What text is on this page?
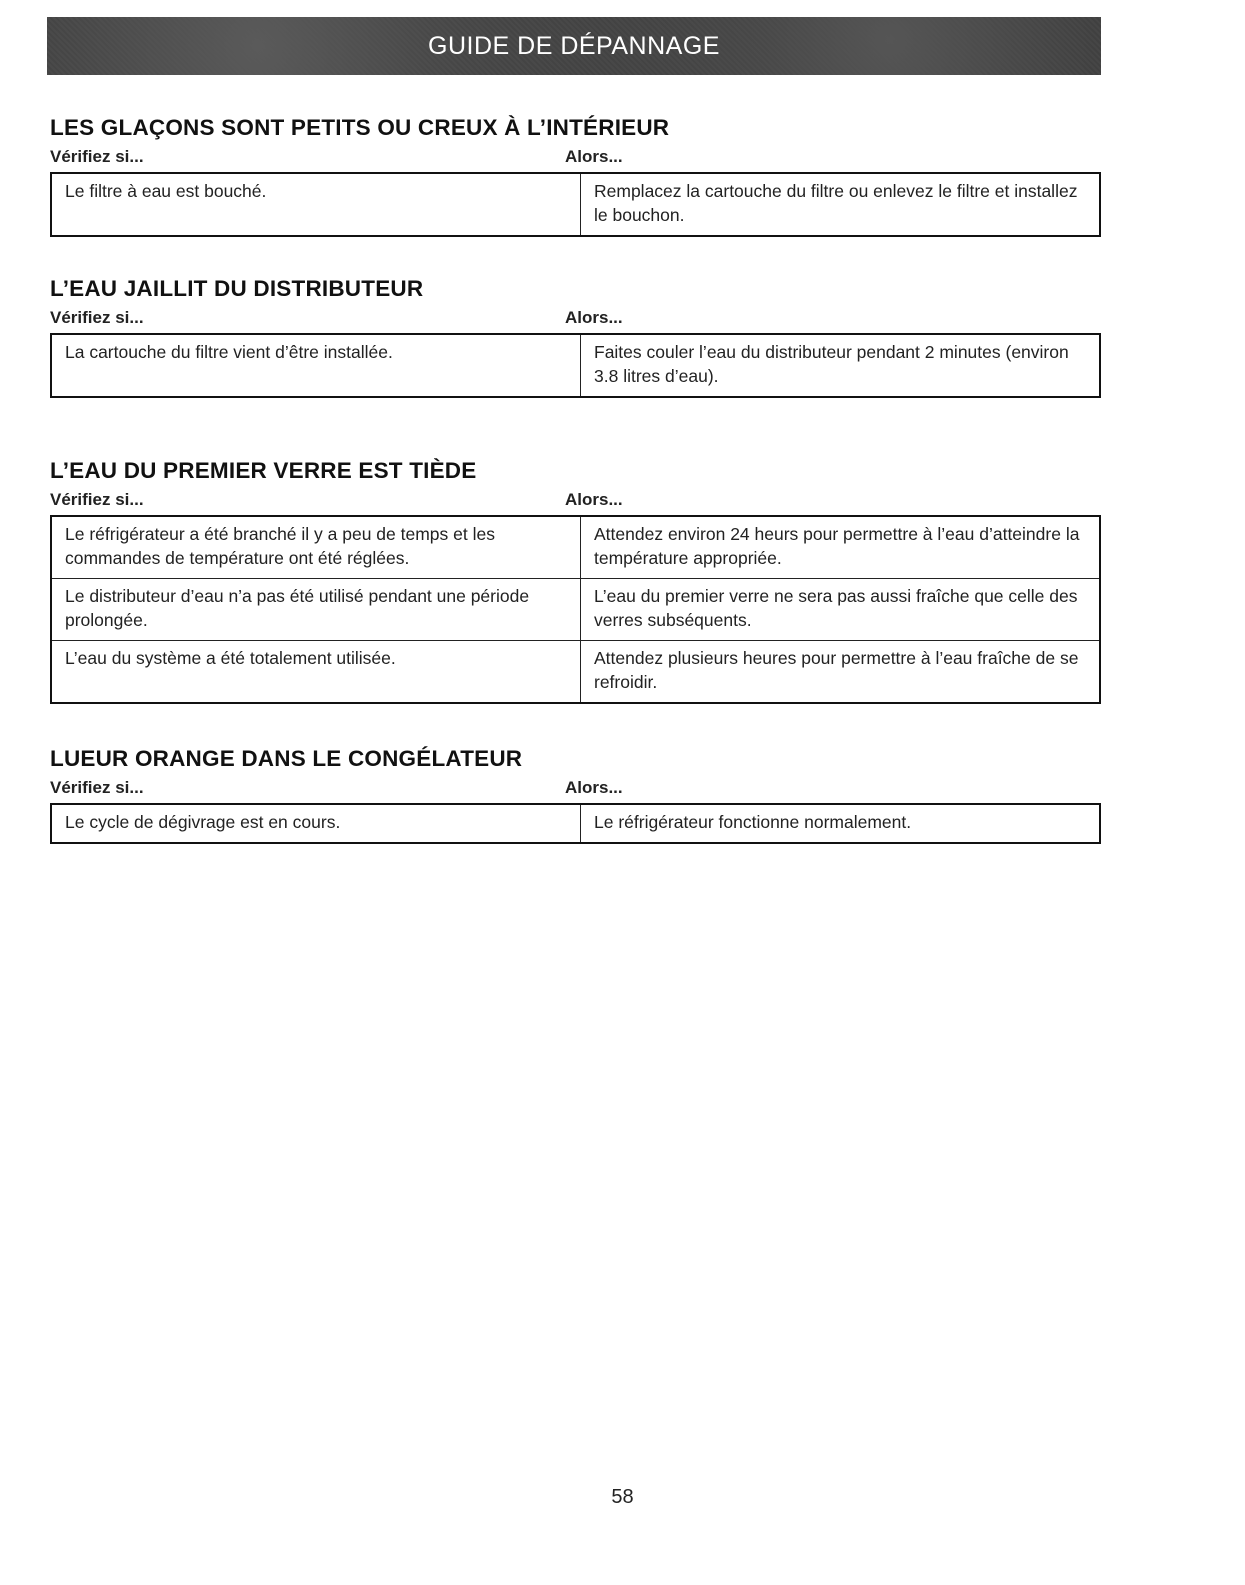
GUIDE DE DÉPANNAGE
LES GLAÇONS SONT PETITS OU CREUX À L’INTÉRIEUR
Vérifiez si...	Alors...
Le filtre à eau est bouché.	Remplacez la cartouche du filtre ou enlevez le filtre et installez le bouchon.
L’EAU JAILLIT DU DISTRIBUTEUR
Vérifiez si...	Alors...
La cartouche du filtre vient d’être installée.	Faites couler l’eau du distributeur pendant 2 minutes (environ 3.8 litres d’eau).
L’EAU DU PREMIER VERRE EST TIÈDE
Vérifiez si...	Alors...
Le réfrigérateur a été branché il y a peu de temps et les commandes de température ont été réglées.	Attendez environ 24 heurs pour permettre à l’eau d’atteindre la température appropriée.
Le distributeur d’eau n’a pas été utilisé pendant une période prolongée.	L’eau du premier verre ne sera pas aussi fraîche que celle des verres subséquents.
L’eau du système a été totalement utilisée.	Attendez plusieurs heures pour permettre à l’eau fraîche de se refroidir.
LUEUR ORANGE DANS LE CONGÉLATEUR
Vérifiez si...	Alors...
Le cycle de dégivrage est en cours.	Le réfrigérateur fonctionne normalement.
58
